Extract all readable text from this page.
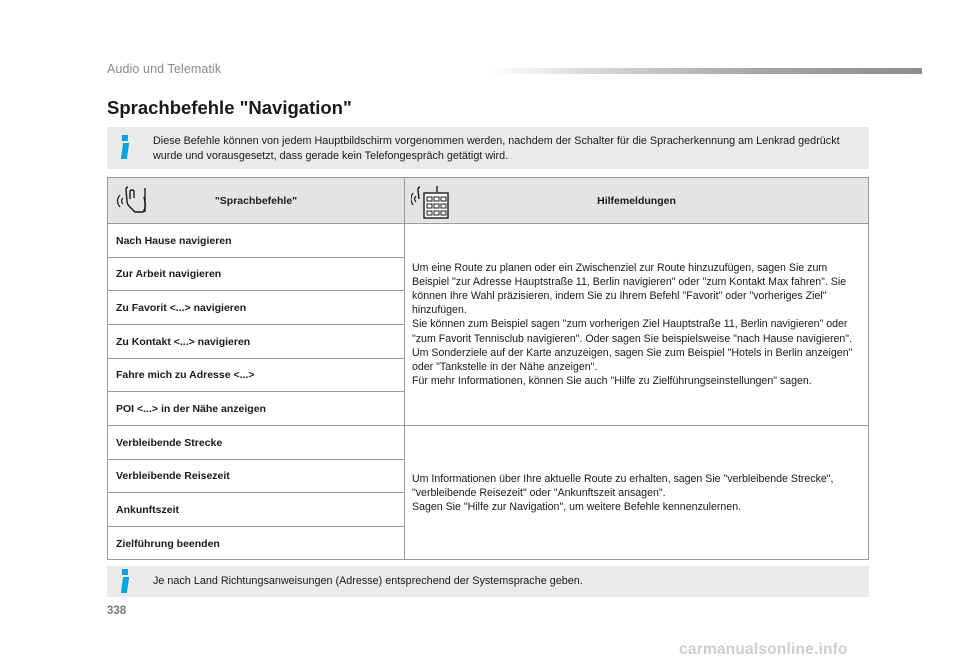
Audio und Telematik
Sprachbefehle "Navigation"

Diese Befehle können von jedem Hauptbildschirm vorgenommen werden, nachdem der Schalter für die Spracherkennung am Lenkrad gedrückt wurde und vorausgesetzt, dass gerade kein Telefongespräch getätigt wird.

"Sprachbefehle"	Hilfemeldungen
Nach Hause navigieren
Zur Arbeit navigieren
Zu Favorit <...> navigieren
Zu Kontakt <...> navigieren
Fahre mich zu Adresse <...>
POI <...> in der Nähe anzeigen

Um eine Route zu planen oder ein Zwischenziel zur Route hinzuzufügen, sagen Sie zum Beispiel "zur Adresse Hauptstraße 11, Berlin navigieren" oder "zum Kontakt Max fahren". Sie können Ihre Wahl präzisieren, indem Sie zu Ihrem Befehl "Favorit" oder "vorheriges Ziel" hinzufügen.
Sie können zum Beispiel sagen "zum vorherigen Ziel Hauptstraße 11, Berlin navigieren" oder "zum Favorit Tennisclub navigieren". Oder sagen Sie beispielsweise "nach Hause navigieren". Um Sonderziele auf der Karte anzuzeigen, sagen Sie zum Beispiel "Hotels in Berlin anzeigen" oder "Tankstelle in der Nähe anzeigen".
Für mehr Informationen, können Sie auch "Hilfe zu Zielführungseinstellungen" sagen.

Verbleibende Strecke
Verbleibende Reisezeit
Ankunftszeit
Zielführung beenden

Um Informationen über Ihre aktuelle Route zu erhalten, sagen Sie "verbleibende Strecke", "verbleibende Reisezeit" oder "Ankunftszeit ansagen".
Sagen Sie "Hilfe zur Navigation", um weitere Befehle kennenzulernen.

Je nach Land Richtungsanweisungen (Adresse) entsprechend der Systemsprache geben.

338
carmanualsonline.info
